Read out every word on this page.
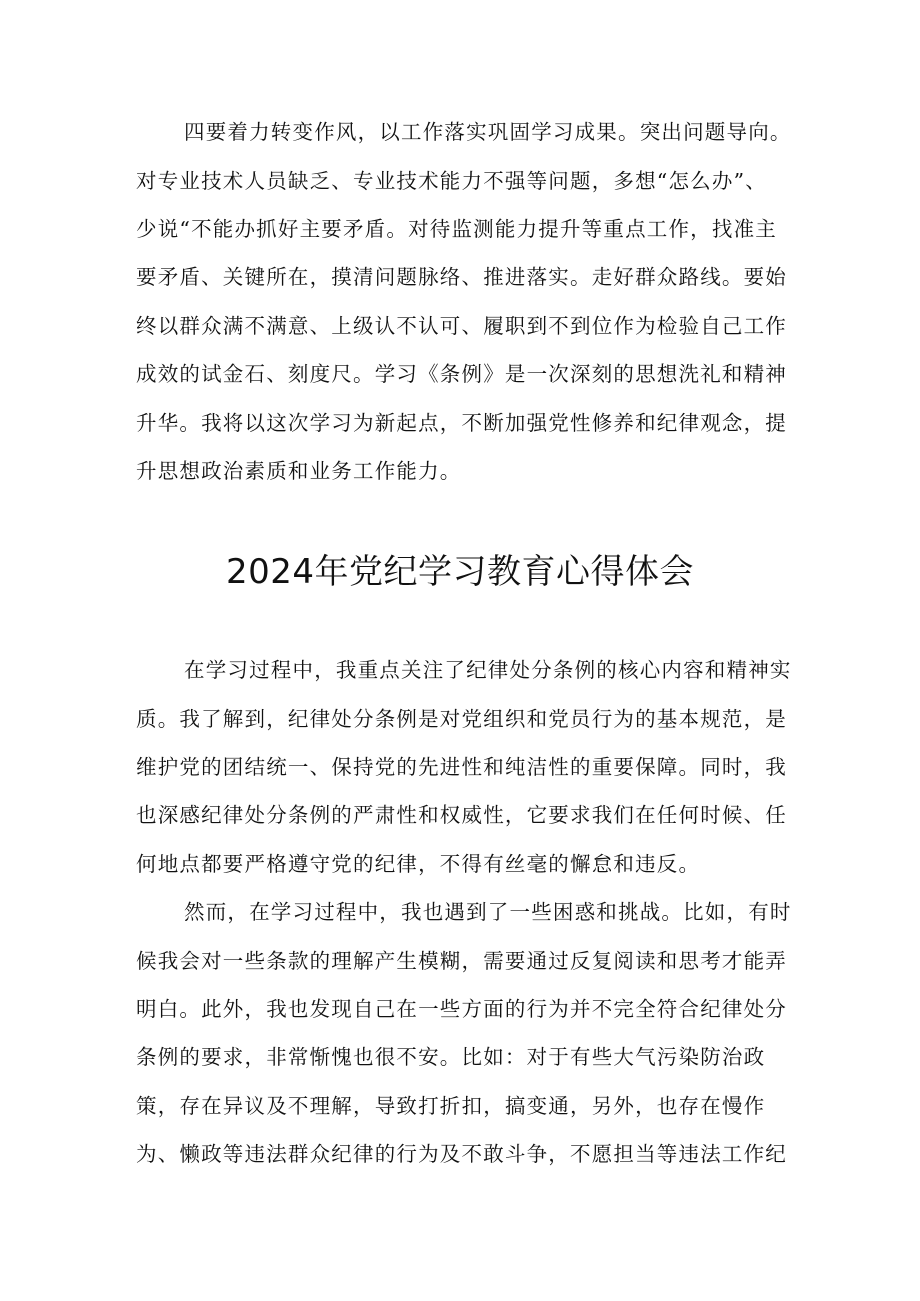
四要着力转变作风，以工作落实巩固学习成果。突出问题导向。
对专业技术人员缺乏、专业技术能力不强等问题，多想“怎么办”、
少说“不能办抓好主要矛盾。对待监测能力提升等重点工作，找准主
要矛盾、关键所在，摸清问题脉络、推进落实。走好群众路线。要始
终以群众满不满意、上级认不认可、履职到不到位作为检验自己工作
成效的试金石、刻度尺。学习《条例》是一次深刻的思想洗礼和精神
升华。我将以这次学习为新起点，不断加强党性修养和纪律观念，提
升思想政治素质和业务工作能力。
2024年党纪学习教育心得体会
在学习过程中，我重点关注了纪律处分条例的核心内容和精神实
质。我了解到，纪律处分条例是对党组织和党员行为的基本规范，是
维护党的团结统一、保持党的先进性和纯洁性的重要保障。同时，我
也深感纪律处分条例的严肃性和权威性，它要求我们在任何时候、任
何地点都要严格遵守党的纪律，不得有丝毫的懈怠和违反。
然而，在学习过程中，我也遇到了一些困惑和挑战。比如，有时
候我会对一些条款的理解产生模糊，需要通过反复阅读和思考才能弄
明白。此外，我也发现自己在一些方面的行为并不完全符合纪律处分
条例的要求，非常惭愧也很不安。比如：对于有些大气污染防治政
策，存在异议及不理解，导致打折扣，搞变通，另外，也存在慢作
为、懒政等违法群众纪律的行为及不敢斗争，不愿担当等违法工作纪
